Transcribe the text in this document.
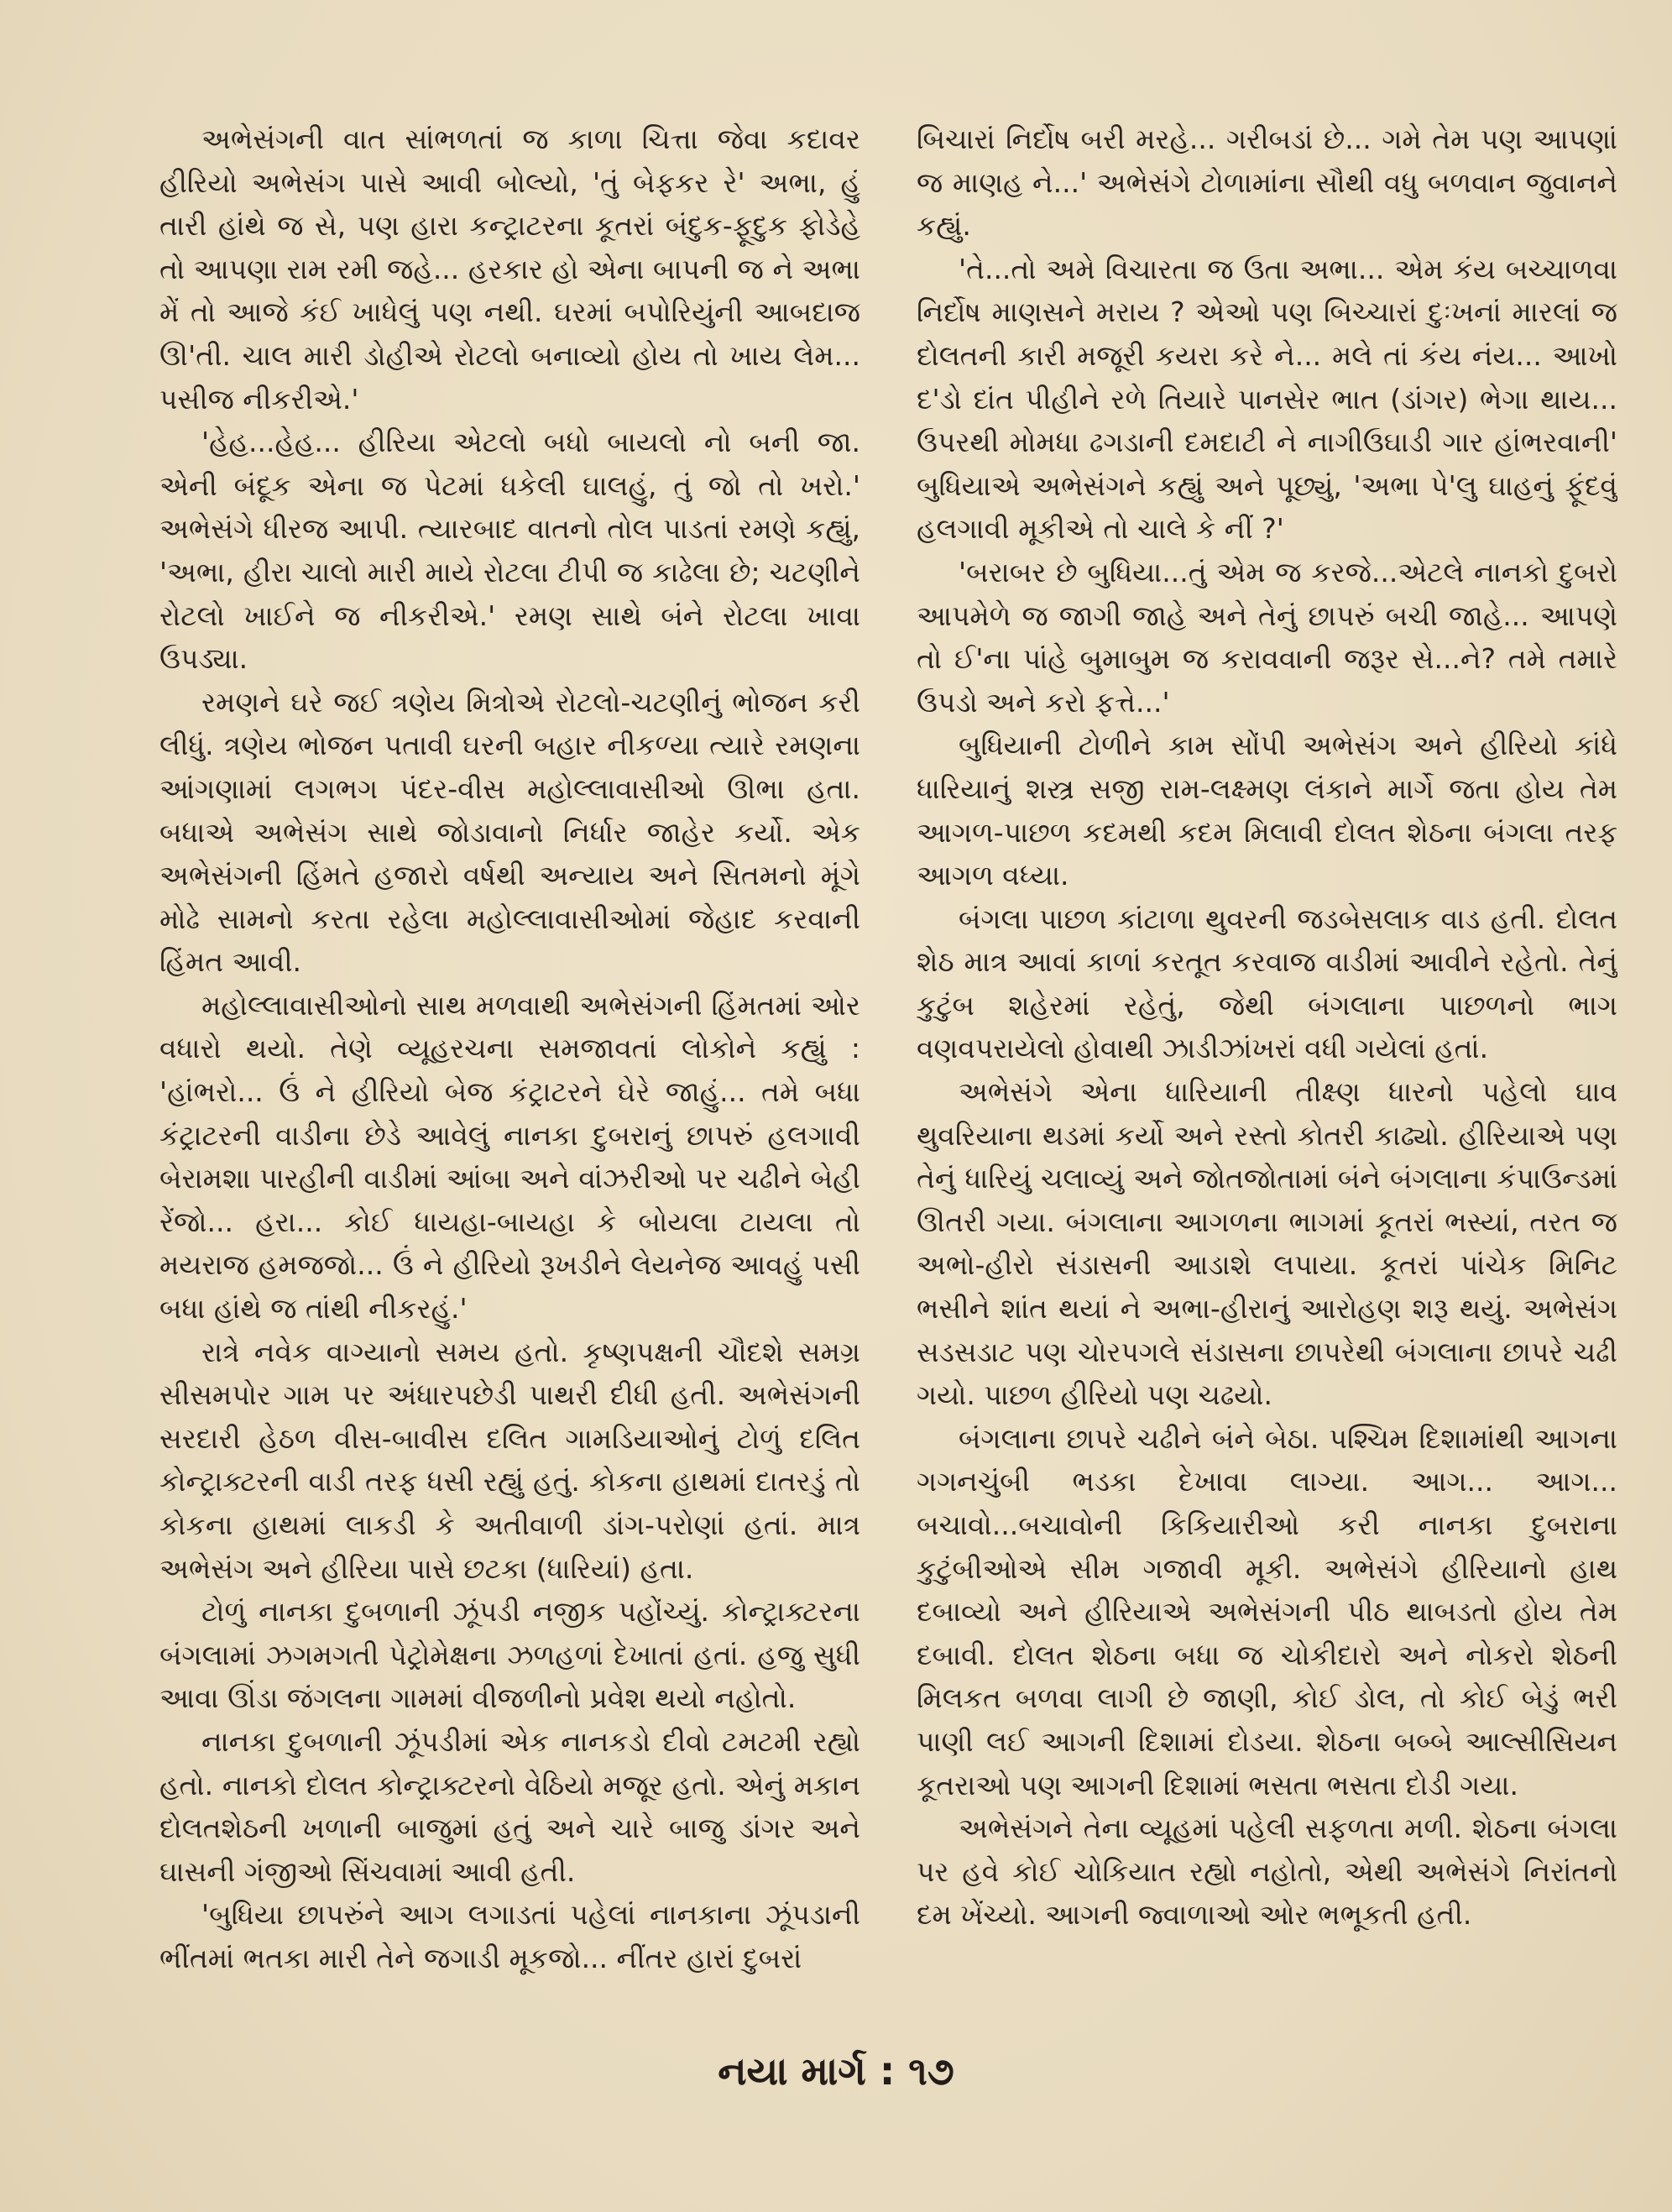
અભેસંગની વાત સાંભળતાં જ કાળા ચિત્તા જેવા કદાવર હીરિયો અભેસંગ પાસે આવી બોલ્યો, 'તું બેફકર રે' અભા, હું તારી હાંથે જ સે, પણ હારા કન્ટ્રાટરના કૂતરાં બંદુક-ફૂદુક ફોડેહે તો આપણા રામ રમી જહે... હરકાર હો એના બાપની જ ને અભા મેં તો આજે કંઈ ખાધેલું પણ નથી. ઘરમાં બપોરિયુંની આબદાજ ઊ'તી. ચાલ મારી ડોહીએ રોટલો બનાવ્યો હોય તો ખાય લેમ... પસીજ નીકરીએ.'

'હેહ...હેહ... હીરિયા એટલો બધો બાયલો નો બની જા. એની બંદૂક એના જ પેટમાં ધકેલી ઘાલહું, તું જો તો ખરો.' અભેસંગે ધીરજ આપી. ત્યારબાદ વાતનો તોલ પાડતાં રમણે કહ્યું, 'અભા, હીરા ચાલો મારી માયે રોટલા ટીપી જ કાઢેલા છે; ચટણીને રોટલો ખાઈને જ નીકરીએ.' રમણ સાથે બંને રોટલા ખાવા ઉપડ્યા.

રમણને ઘરે જઈ ત્રણેય મિત્રોએ રોટલો-ચટણીનું ભોજન કરી લીધું. ત્રણેય ભોજન પતાવી ઘરની બહાર નીકળ્યા ત્યારે રમણના આંગણામાં લગભગ પંદર-વીસ મહોલ્લાવાસીઓ ઊભા હતા. બધાએ અભેસંગ સાથે જોડાવાનો નિર્ધાર જાહેર કર્યો. એક અભેસંગની હિંમતે હજારો વર્ષથી અન્યાય અને સિતમનો મૂંગે મોઢે સામનો કરતા રહેલા મહોલ્લાવાસીઓમાં જેહાદ કરવાની હિંમત આવી.

મહોલ્લાવાસીઓનો સાથ મળવાથી અભેસંગની હિંમતમાં ઓર વધારો થયો. તેણે વ્યૂહરચના સમજાવતાં લોકોને કહ્યું : 'હાંભરો... ઉં ને હીરિયો બેજ કંટ્રાટરને ઘેરે જાહું... તમે બધા કંટ્રાટરની વાડીના છેડે આવેલું નાનકા દુબરાનું છાપરું હલગાવી બેરામશા પારહીની વાડીમાં આંબા અને વાંઝરીઓ પર ચઢીને બેહી રેંજો... હરા... કોઈ ધાયહા-બાયહા કે બોયલા ટાયલા તો મયરાજ હમજજો... ઉં ને હીરિયો રૂખડીને લેયનેજ આવહું પસી બધા હાંથે જ તાંથી નીકરહું.'

રાત્રે નવેક વાગ્યાનો સમય હતો. કૃષ્ણપક્ષની ચૌદશે સમગ્ર સીસમપોર ગામ પર અંધારપછેડી પાથરી દીધી હતી. અભેસંગની સરદારી હેઠળ વીસ-બાવીસ દલિત ગામડિયાઓનું ટોળું દલિત કોન્ટ્રાક્ટરની વાડી તરફ ધસી રહ્યું હતું. કોકના હાથમાં દાતરડું તો કોકના હાથમાં લાકડી કે અતીવાળી ડાંગ-પરોણાં હતાં. માત્ર અભેસંગ અને હીરિયા પાસે છટકા (ધારિયાં) હતા.

ટોળું નાનકા દુબળાની ઝૂંપડી નજીક પહોંચ્યું. કોન્ટ્રાક્ટરના બંગલામાં ઝગમગતી પેટ્રોમેક્ષના ઝળહળાં દેખાતાં હતાં. હજુ સુધી આવા ઊંડા જંગલના ગામમાં વીજળીનો પ્રવેશ થયો નહોતો.

નાનકા દુબળાની ઝૂંપડીમાં એક નાનકડો દીવો ટમટમી રહ્યો હતો. નાનકો દોલત કોન્ટ્રાક્ટરનો વેઠિયો મજૂર હતો. એનું મકાન દોલતશેઠની ખળાની બાજુમાં હતું અને ચારે બાજુ ડાંગર અને ઘાસની ગંજીઓ સિંચવામાં આવી હતી.

'બુધિયા છાપરુંને આગ લગાડતાં પહેલાં નાનકાના ઝૂંપડાની ભીંતમાં ભતકા મારી તેને જગાડી મૂકજો... નીંતર હારાં દુબરાં

બિચારાં નિર્દોષ બરી મરહે... ગરીબડાં છે... ગમે તેમ પણ આપણાં જ માણહ ને...' અભેસંગે ટોળામાંના સૌથી વધુ બળવાન જુવાનને કહ્યું.

'તે...તો અમે વિચારતા જ ઉતા અભા... એમ કંય બચ્ચાળવા નિર્દોષ માણસને મરાય ? એઓ પણ બિચ્ચારાં દુઃખનાં મારલાં જ દોલતની કારી મજૂરી કયરા કરે ને... મલે તાં કંય નંય... આખો દ'ડો દાંત પીહીને રળે તિયારે પાનસેર ભાત (ડાંગર) ભેગા થાય... ઉપરથી મોમધા ઢગડાની દમદાટી ને નાગીઉઘાડી ગાર હાંભરવાની' બુધિયાએ અભેસંગને કહ્યું અને પૂછ્યું, 'અભા પે'લુ ઘાહનું ફૂંદવું હલગાવી મૂકીએ તો ચાલે કે નીં ?'

'બરાબર છે બુધિયા...તું એમ જ કરજે...એટલે નાનકો દુબરો આપમેળે જ જાગી જાહે અને તેનું છાપરું બચી જાહે... આપણે તો ઈ'ના પાંહે બુમાબુમ જ કરાવવાની જરૂર સે...ને? તમે તમારે ઉપડો અને કરો ફત્તે...'

બુધિયાની ટોળીને કામ સોંપી અભેસંગ અને હીરિયો કાંધે ધારિયાનું શસ્ત્ર સજી રામ-લક્ષ્મણ લંકાને માર્ગે જતા હોય તેમ આગળ-પાછળ કદમથી કદમ મિલાવી દોલત શેઠના બંગલા તરફ આગળ વધ્યા.

બંગલા પાછળ કાંટાળા થુવરની જડબેસલાક વાડ હતી. દોલત શેઠ માત્ર આવાં કાળાં કરતૂત કરવાજ વાડીમાં આવીને રહેતો. તેનું કુટુંબ શહેરમાં રહેતું, જેથી બંગલાના પાછળનો ભાગ વણવપરાયેલો હોવાથી ઝાડીઝાંખરાં વધી ગયેલાં હતાં.

અભેસંગે એના ધારિયાની તીક્ષ્ણ ધારનો પહેલો ઘાવ થુવરિયાના થડમાં કર્યો અને રસ્તો કોતરી કાઢ્યો. હીરિયાએ પણ તેનું ધારિયું ચલાવ્યું અને જોતજોતામાં બંને બંગલાના કંપાઉન્ડમાં ઊતરી ગયા. બંગલાના આગળના ભાગમાં કૂતરાં ભસ્યાં, તરત જ અભો-હીરો સંડાસની આડાશે લપાયા. કૂતરાં પાંચેક મિનિટ ભસીને શાંત થયાં ને અભા-હીરાનું આરોહણ શરૂ થયું. અભેસંગ સડસડાટ પણ ચોરપગલે સંડાસના છાપરેથી બંગલાના છાપરે ચઢી ગયો. પાછળ હીરિયો પણ ચઢયો.

બંગલાના છાપરે ચઢીને બંને બેઠા. પશ્ચિમ દિશામાંથી આગના ગગનચુંબી ભડકા દેખાવા લાગ્યા. આગ... આગ... બચાવો...બચાવોની કિકિયારીઓ કરી નાનકા દુબરાના કુટુંબીઓએ સીમ ગજાવી મૂકી. અભેસંગે હીરિયાનો હાથ દબાવ્યો અને હીરિયાએ અભેસંગની પીઠ થાબડતો હોય તેમ દબાવી. દોલત શેઠના બધા જ ચોકીદારો અને નોકરો શેઠની મિલકત બળવા લાગી છે જાણી, કોઈ ડોલ, તો કોઈ બેડું ભરી પાણી લઈ આગની દિશામાં દોડયા. શેઠના બબ્બે આલ્સીસિયન કૂતરાઓ પણ આગની દિશામાં ભસતા ભસતા દોડી ગયા.

અભેસંગને તેના વ્યૂહમાં પહેલી સફળતા મળી. શેઠના બંગલા પર હવે કોઈ ચોકિયાત રહ્યો નહોતો, એથી અભેસંગે નિરાંતનો દમ ખેંચ્યો. આગની જ્વાળાઓ ઓર ભભૂકતી હતી.

નયા માર્ગ : ૧૭
